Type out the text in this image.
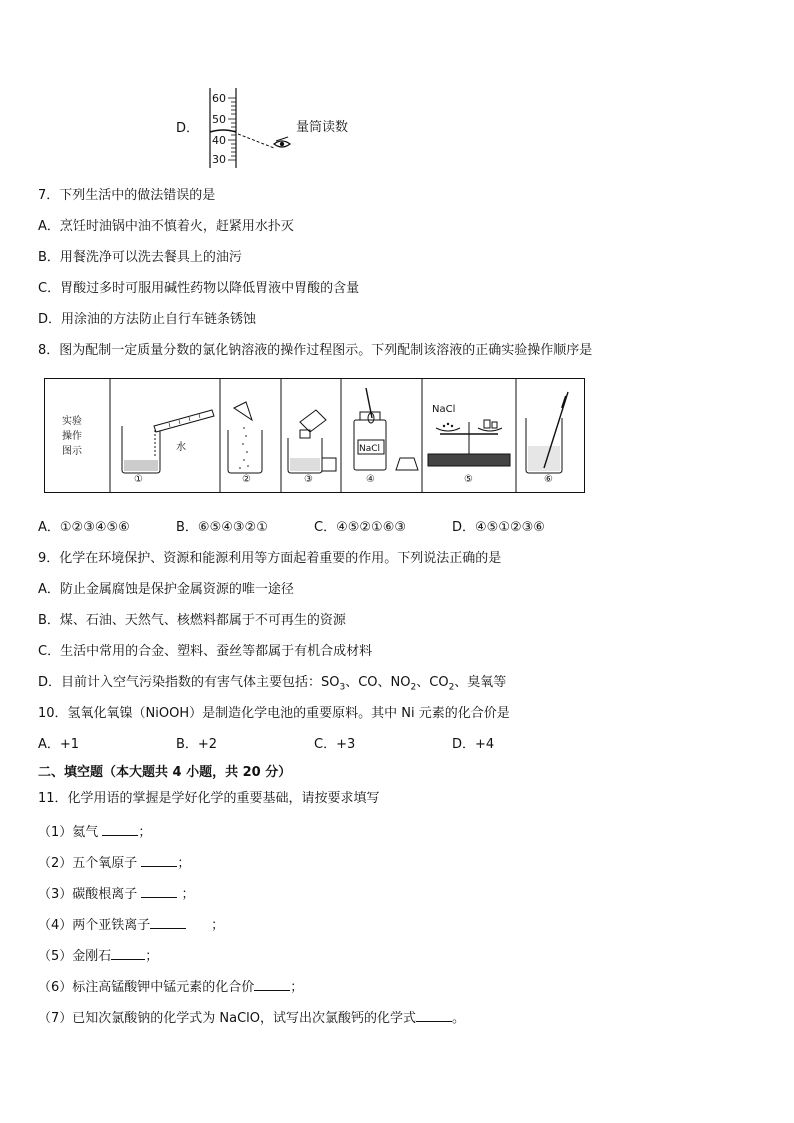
D．
60
50
40
30
量筒读数
7．下列生活中的做法错误的是
A．烹饪时油锅中油不慎着火，赶紧用水扑灭
B．用餐洗净可以洗去餐具上的油污
C．胃酸过多时可服用碱性药物以降低胃液中胃酸的含量
D．用涂油的方法防止自行车链条锈蚀
8．图为配制一定质量分数的氯化钠溶液的操作过程图示。下列配制该溶液的正确实验操作顺序是
实验
操作
图示	水
①	②	③
NaCl
④
NaCl
⑤	⑥
A．①②③④⑤⑥	B．⑥⑤④③②①	C．④⑤②①⑥③	D．④⑤①②③⑥
9．化学在环境保护、资源和能源利用等方面起着重要的作用。下列说法正确的是
A．防止金属腐蚀是保护金属资源的唯一途径
B．煤、石油、天然气、核燃料都属于不可再生的资源
C．生活中常用的合金、塑料、蚕丝等都属于有机合成材料
D．目前计入空气污染指数的有害气体主要包括：$SO_3$、CO、$NO_2$、$CO_2$、臭氧等
10．氢氧化氧镍（NiOOH）是制造化学电池的重要原料。其中 Ni 元素的化合价是
A．+1	B．+2	C．+3	D．+4
二、填空题（本大题共 4 小题，共 20 分）
11．化学用语的掌握是学好化学的重要基础，请按要求填写
（1）氦气	；
（2）五个氧原子	；
（3）碳酸根离子	；
（4）两个亚铁离子	；
（5）金刚石	；
（6）标注高锰酸钾中锰元素的化合价	；
（7）已知次氯酸钠的化学式为 NaClO，试写出次氯酸钙的化学式	。
